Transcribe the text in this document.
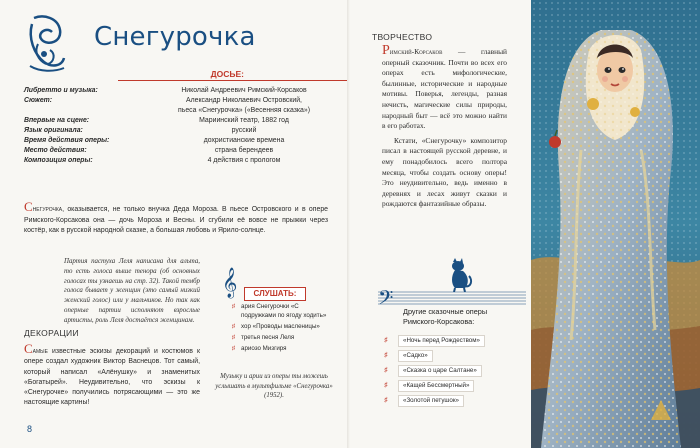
Снегурочка
ДОСЬЕ:
Либретто и музыка:	Николай Андреевич Римский-Корсаков
Сюжет:	Александр Николаевич Островский,
пьеса «Снегурочка» («Весенняя сказка»)
Впервые на сцене:	Мариинский театр, 1882 год
Язык оригинала:	русский
Время действия оперы:	дохристианские времена
Место действия:	страна берендеев
Композиция оперы:	4 действия с прологом
Снегурочка, оказывается, не только внучка Деда Мороза. В пьесе Островского и в опере Римского-Корсакова она — дочь Мороза и Весны. И сгубили её вовсе не прыжки через костёр, как в русской народной сказке, а большая любовь и Ярило-солнце.
Партия пастуха Леля написана для альта, то есть голоса выше тенора (об основных голосах ты узнаешь на стр. 32). Такой тембр голоса бывает у женщин (это самый низкий женский голос) или у мальчиков. Но так как оперные партии исполняют взрослые артисты, роль Леля достаётся женщинам.
𝄞	СЛУШАТЬ:
♯ ария Снегурочки «С подружками по ягоду ходить»
♯ хор «Проводы масленицы»
♯ третья песня Леля
♯ ариозо Мизгиря
ДЕКОРАЦИИ
Самые известные эскизы декораций и костюмов к опере создал художник Виктор Васнецов. Тот самый, который написал «Алёнушку» и знаменитых «Богатырей». Неудивительно, что эскизы к «Снегурочке» получились потрясающими — это же настоящие картины!
Музыку и арии из оперы ты можешь услышать в мультфильме «Снегурочка» (1952).
8
ТВОРЧЕСТВО

Римский-Корсаков — главный оперный сказочник. Почти во всех его операх есть мифологические, былинные, исторические и народные мотивы. Поверья, легенды, разная нечисть, магические силы природы, народный быт — всё это можно найти в его работах.

Кстати, «Снегурочку» композитор писал в настоящей русской деревне, и ему понадобилось всего полтора месяца, чтобы создать основу оперы! Это неудивительно, ведь именно в деревнях и лесах живут сказки и рождаются фантазийные образы.

𝄢 Другие сказочные оперы Римского-Корсакова:
♯	«Ночь перед Рождеством»
♯	«Садко»
♯	«Сказка о царе Салтане»
♯	«Кащей Бессмертный»
♯	«Золотой петушок»
